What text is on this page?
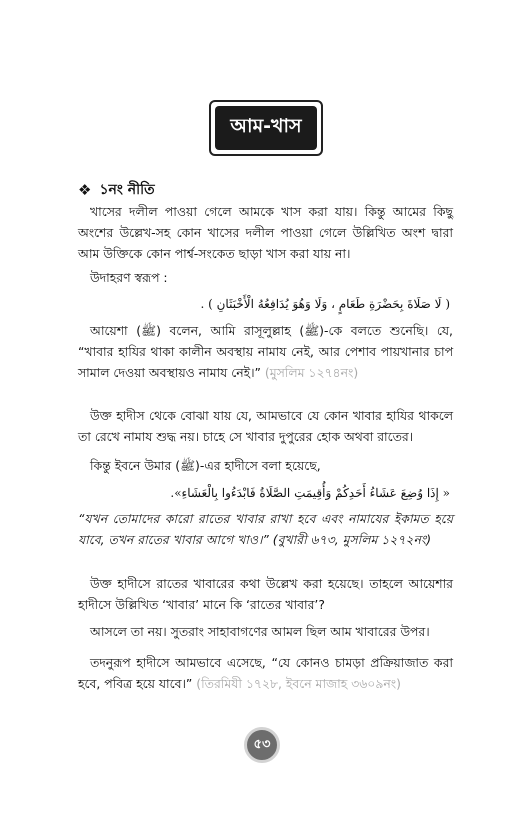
আম-খাস
❖ ১নং নীতি

খাসের দলীল পাওয়া গেলে আমকে খাস করা যায়। কিন্তু আমের কিছু অংশের উল্লেখ-সহ কোন খাসের দলীল পাওয়া গেলে উল্লিখিত অংশ দ্বারা আম উক্তিকে কোন পার্শ্ব-সংকেত ছাড়া খাস করা যায় না।

উদাহরণ স্বরূপ :

( لَا صَلَاةَ بِحَضْرَةِ طَعَامٍ ، وَلَا وَهُوَ يُدَافِعُهُ الْأَخْبَثَانِ ) .

আয়েশা (ﷺ) বলেন, আমি রাসূলুল্লাহ (ﷺ)-কে বলতে শুনেছি। যে, “খাবার হাযির থাকা কালীন অবস্থায় নামায নেই, আর পেশাব পায়খানার চাপ সামাল দেওয়া অবস্থায়ও নামায নেই।” (মুসলিম ১২৭৪নং)

উক্ত হাদীস থেকে বোঝা যায় যে, আমভাবে যে কোন খাবার হাযির থাকলে তা রেখে নামায শুদ্ধ নয়। চাহে সে খাবার দুপুরের হোক অথবা রাতের।

কিন্তু ইবনে উমার (ﷺ)-এর হাদীসে বলা হয়েছে,

« إِذَا وُضِعَ عَشَاءُ أَحَدِكُمْ وَأُقِيمَتِ الصَّلَاةُ فَابْدَءُوا بِالْعَشَاءِ».

“যখন তোমাদের কারো রাতের খাবার রাখা হবে এবং নামাযের ইকামত হয়ে যাবে, তখন রাতের খাবার আগে খাও।” (বুখারী ৬৭৩, মুসলিম ১২৭২নং)

উক্ত হাদীসে রাতের খাবারের কথা উল্লেখ করা হয়েছে। তাহলে আয়েশার হাদীসে উল্লিখিত ‘খাবার’ মানে কি ‘রাতের খাবার’?

আসলে তা নয়। সুতরাং সাহাবাগণের আমল ছিল আম খাবারের উপর।

তদনুরূপ হাদীসে আমভাবে এসেছে, “যে কোনও চামড়া প্রক্রিয়াজাত করা হবে, পবিত্র হয়ে যাবে।” (তিরমিযী ১৭২৮, ইবনে মাজাহ ৩৬০৯নং)

৫৩
